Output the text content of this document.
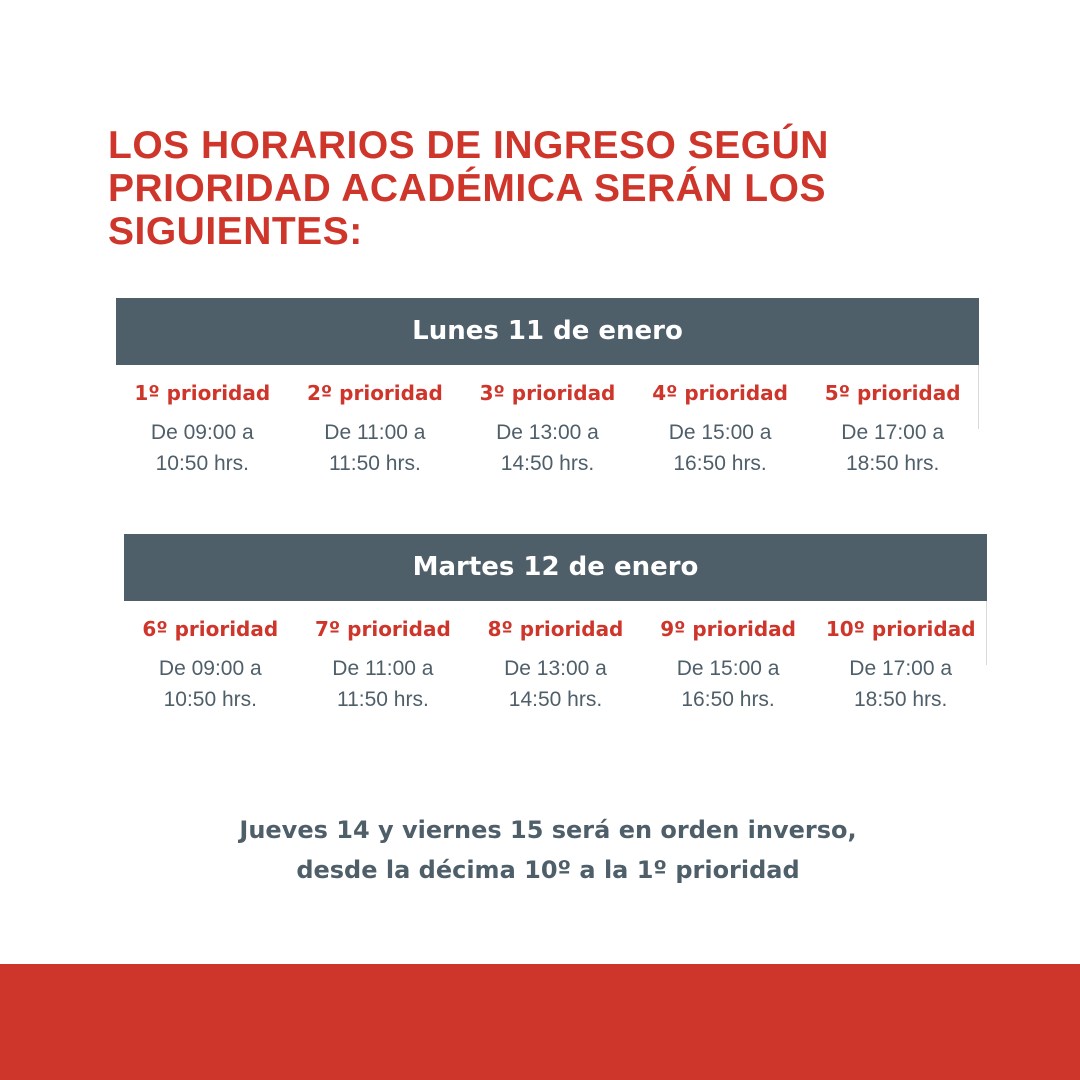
LOS HORARIOS DE INGRESO SEGÚN
PRIORIDAD ACADÉMICA SERÁN LOS
SIGUIENTES:
Lunes 11 de enero
1º prioridad
De 09:00 a
10:50 hrs.
2º prioridad
De 11:00 a
11:50 hrs.
3º prioridad
De 13:00 a
14:50 hrs.
4º prioridad
De 15:00 a
16:50 hrs.
5º prioridad
De 17:00 a
18:50 hrs.
Martes 12 de enero
6º prioridad
De 09:00 a
10:50 hrs.
7º prioridad
De 11:00 a
11:50 hrs.
8º prioridad
De 13:00 a
14:50 hrs.
9º prioridad
De 15:00 a
16:50 hrs.
10º prioridad
De 17:00 a
18:50 hrs.

Jueves 14 y viernes 15 será en orden inverso,
desde la décima 10º a la 1º prioridad
